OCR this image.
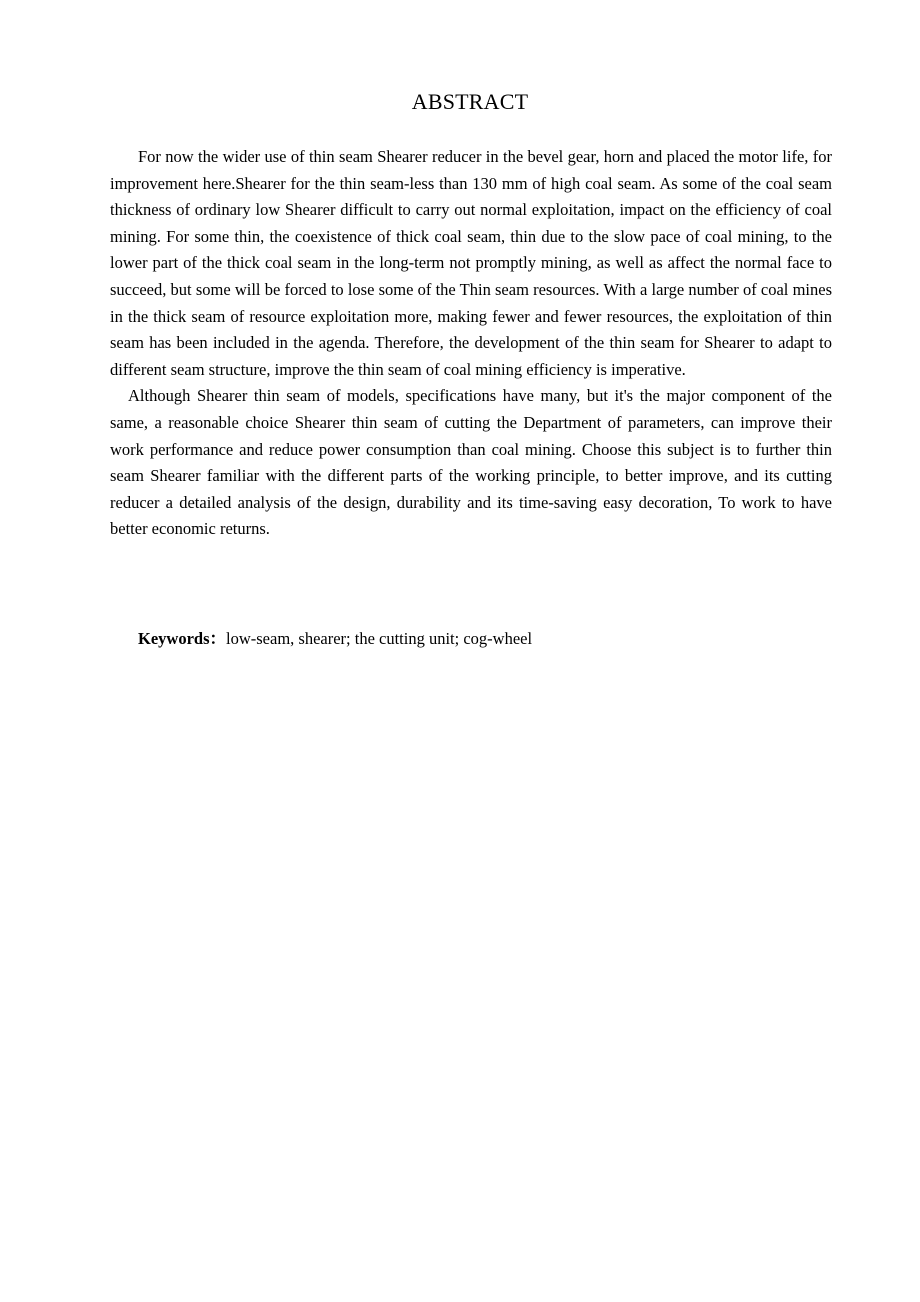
ABSTRACT

For now the wider use of thin seam Shearer reducer in the bevel gear, horn and placed the motor life, for improvement here.Shearer for the thin seam-less than 130 mm of high coal seam. As some of the coal seam thickness of ordinary low Shearer difficult to carry out normal exploitation, impact on the efficiency of coal mining. For some thin, the coexistence of thick coal seam, thin due to the slow pace of coal mining, to the lower part of the thick coal seam in the long-term not promptly mining, as well as affect the normal face to succeed, but some will be forced to lose some of the Thin seam resources. With a large number of coal mines in the thick seam of resource exploitation more, making fewer and fewer resources, the exploitation of thin seam has been included in the agenda. Therefore, the development of the thin seam for Shearer to adapt to different seam structure, improve the thin seam of coal mining efficiency is imperative.

Although Shearer thin seam of models, specifications have many, but it's the major component of the same, a reasonable choice Shearer thin seam of cutting the Department of parameters, can improve their work performance and reduce power consumption than coal mining. Choose this subject is to further thin seam Shearer familiar with the different parts of the working principle, to better improve, and its cutting reducer a detailed analysis of the design, durability and its time-saving easy decoration, To work to have better economic returns.

Keywords：low-seam, shearer; the cutting unit; cog-wheel
